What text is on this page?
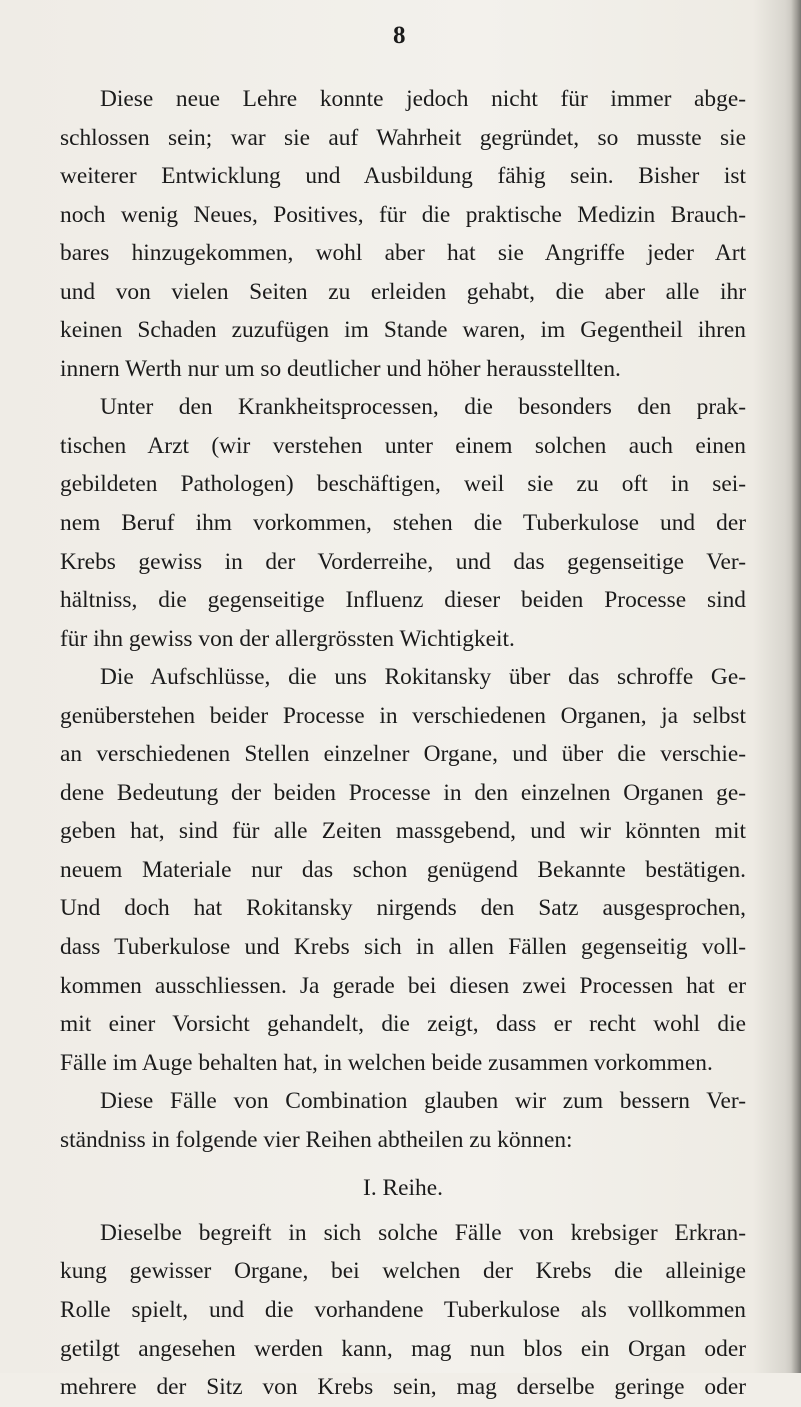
8

Diese neue Lehre konnte jedoch nicht für immer abge-
schlossen sein; war sie auf Wahrheit gegründet, so musste sie
weiterer Entwicklung und Ausbildung fähig sein. Bisher ist
noch wenig Neues, Positives, für die praktische Medizin Brauch-
bares hinzugekommen, wohl aber hat sie Angriffe jeder Art
und von vielen Seiten zu erleiden gehabt, die aber alle ihr
keinen Schaden zuzufügen im Stande waren, im Gegentheil ihren
innern Werth nur um so deutlicher und höher herausstellten.

Unter den Krankheitsprocessen, die besonders den prak-
tischen Arzt (wir verstehen unter einem solchen auch einen
gebildeten Pathologen) beschäftigen, weil sie zu oft in sei-
nem Beruf ihm vorkommen, stehen die Tuberkulose und der
Krebs gewiss in der Vorderreihe, und das gegenseitige Ver-
hältniss, die gegenseitige Influenz dieser beiden Processe sind
für ihn gewiss von der allergrössten Wichtigkeit.

Die Aufschlüsse, die uns Rokitansky über das schroffe Ge-
genüberstehen beider Processe in verschiedenen Organen, ja selbst
an verschiedenen Stellen einzelner Organe, und über die verschie-
dene Bedeutung der beiden Processe in den einzelnen Organen ge-
geben hat, sind für alle Zeiten massgebend, und wir könnten mit
neuem Materiale nur das schon genügend Bekannte bestätigen.
Und doch hat Rokitansky nirgends den Satz ausgesprochen,
dass Tuberkulose und Krebs sich in allen Fällen gegenseitig voll-
kommen ausschliessen. Ja gerade bei diesen zwei Processen hat er
mit einer Vorsicht gehandelt, die zeigt, dass er recht wohl die
Fälle im Auge behalten hat, in welchen beide zusammen vorkommen.

Diese Fälle von Combination glauben wir zum bessern Ver-
ständniss in folgende vier Reihen abtheilen zu können:

I. Reihe.

Dieselbe begreift in sich solche Fälle von krebsiger Erkran-
kung gewisser Organe, bei welchen der Krebs die alleinige
Rolle spielt, und die vorhandene Tuberkulose als vollkommen
getilgt angesehen werden kann, mag nun blos ein Organ oder
mehrere der Sitz von Krebs sein, mag derselbe geringe oder
